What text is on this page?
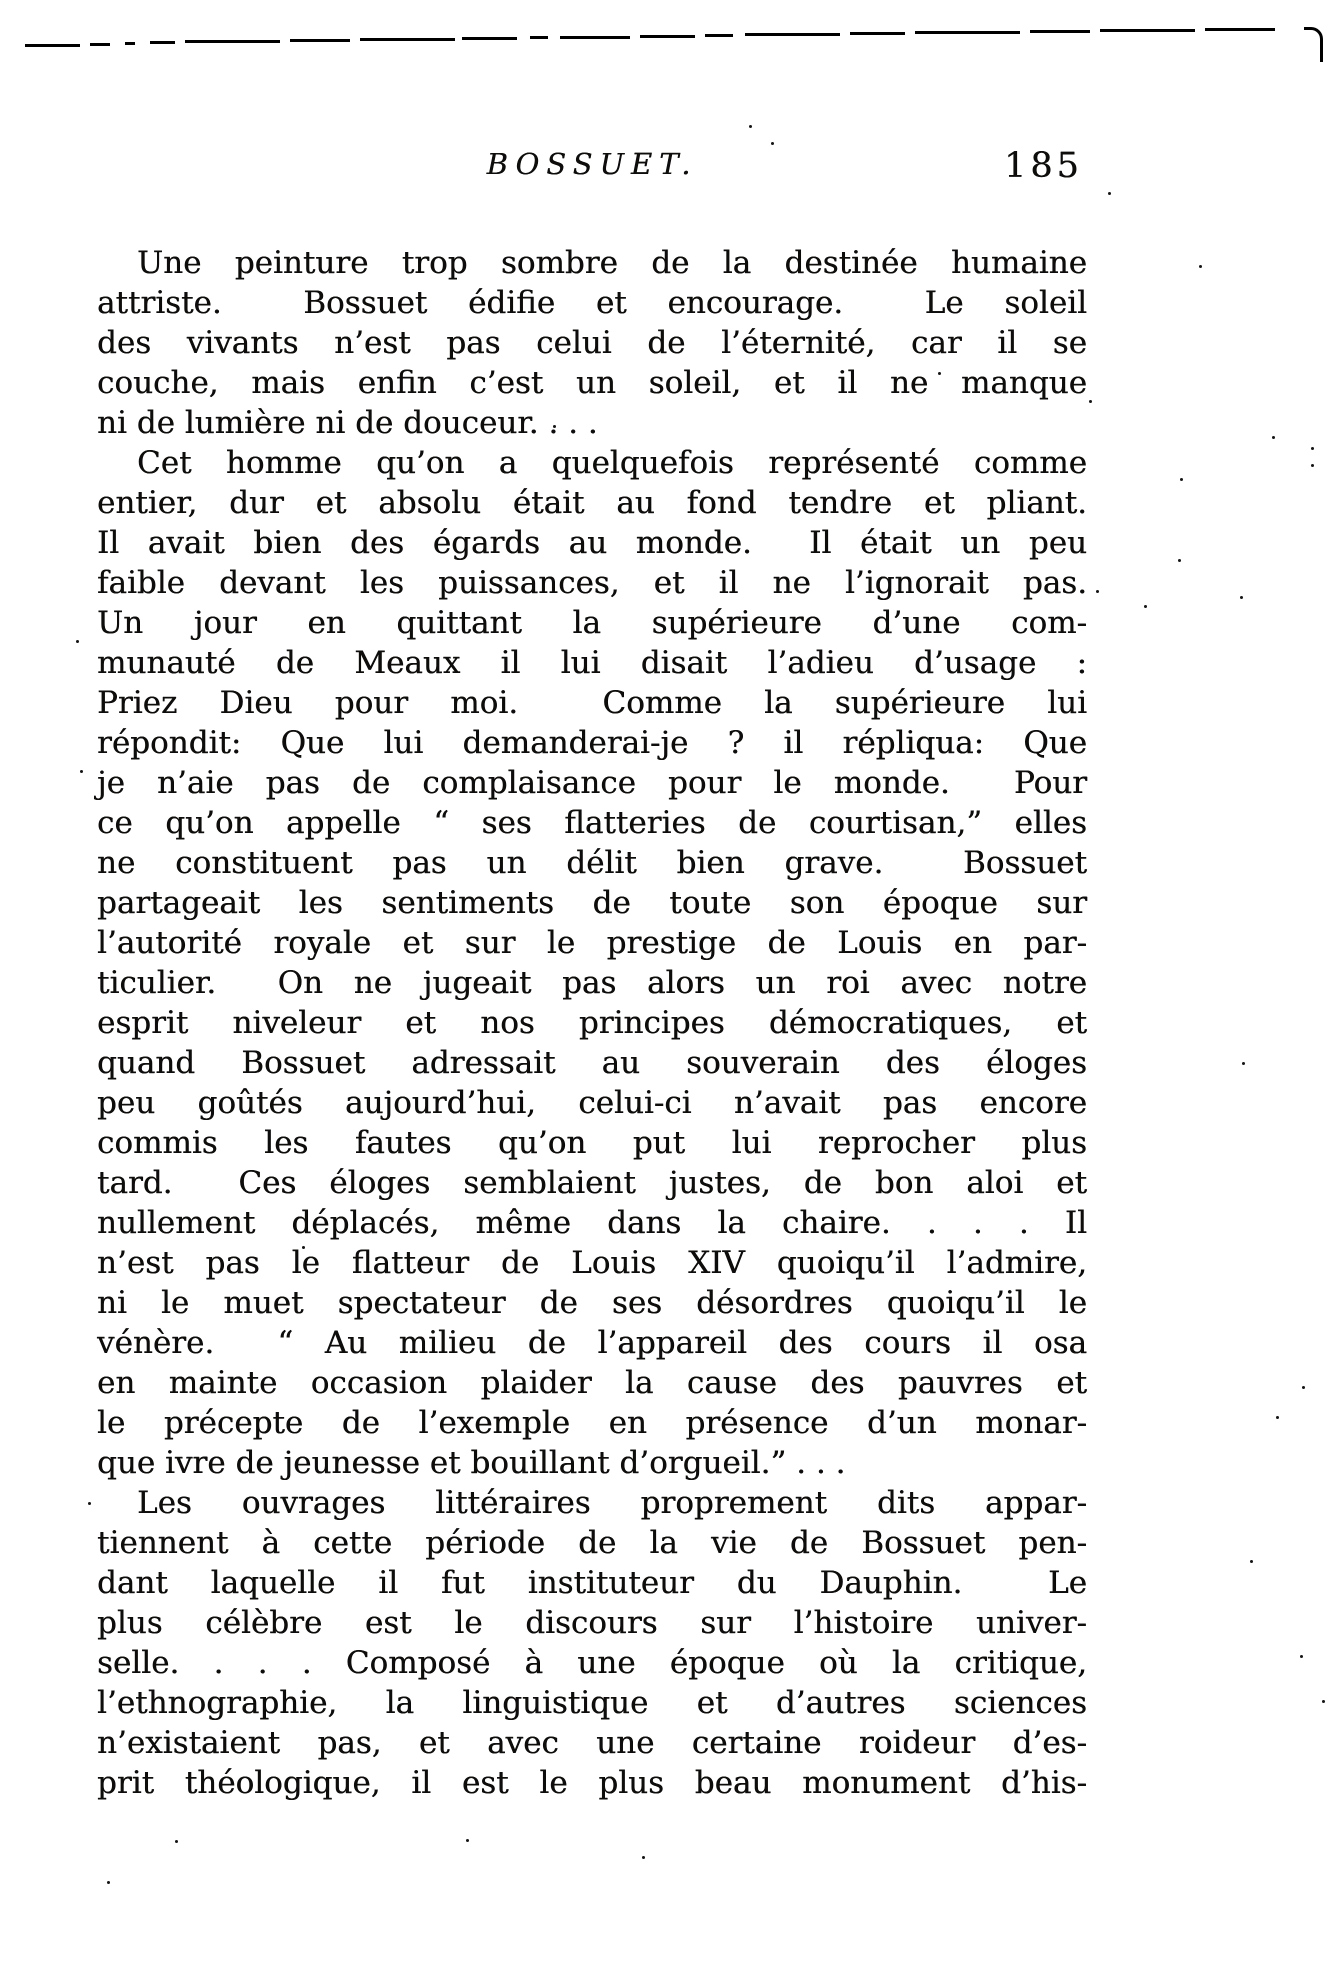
BOSSUET.	185

Une peinture trop sombre de la destinée humaine
attriste.  Bossuet édifie et encourage.  Le soleil
des vivants n’est pas celui de l’éternité, car il se
couche, mais enfin c’est un soleil, et il ne manque
ni de lumière ni de douceur. . . .

Cet homme qu’on a quelquefois représenté comme
entier, dur et absolu était au fond tendre et pliant.
Il avait bien des égards au monde.  Il était un peu
faible devant les puissances, et il ne l’ignorait pas.
Un jour en quittant la supérieure d’une com-
munauté de Meaux il lui disait l’adieu d’usage :
Priez Dieu pour moi.  Comme la supérieure lui
répondit: Que lui demanderai-je ? il répliqua: Que
je n’aie pas de complaisance pour le monde.  Pour
ce qu’on appelle “ ses flatteries de courtisan,” elles
ne constituent pas un délit bien grave.  Bossuet
partageait les sentiments de toute son époque sur
l’autorité royale et sur le prestige de Louis en par-
ticulier.  On ne jugeait pas alors un roi avec notre
esprit niveleur et nos principes démocratiques, et
quand Bossuet adressait au souverain des éloges
peu goûtés aujourd’hui, celui-ci n’avait pas encore
commis les fautes qu’on put lui reprocher plus
tard.  Ces éloges semblaient justes, de bon aloi et
nullement déplacés, même dans la chaire. . . . Il
n’est pas le flatteur de Louis XIV quoiqu’il l’admire,
ni le muet spectateur de ses désordres quoiqu’il le
vénère.  “ Au milieu de l’appareil des cours il osa
en mainte occasion plaider la cause des pauvres et
le précepte de l’exemple en présence d’un monar-
que ivre de jeunesse et bouillant d’orgueil.” . . .

Les ouvrages littéraires proprement dits appar-
tiennent à cette période de la vie de Bossuet pen-
dant laquelle il fut instituteur du Dauphin.  Le
plus célèbre est le discours sur l’histoire univer-
selle. . . . Composé à une époque où la critique,
l’ethnographie, la linguistique et d’autres sciences
n’existaient pas, et avec une certaine roideur d’es-
prit théologique, il est le plus beau monument d’his-
